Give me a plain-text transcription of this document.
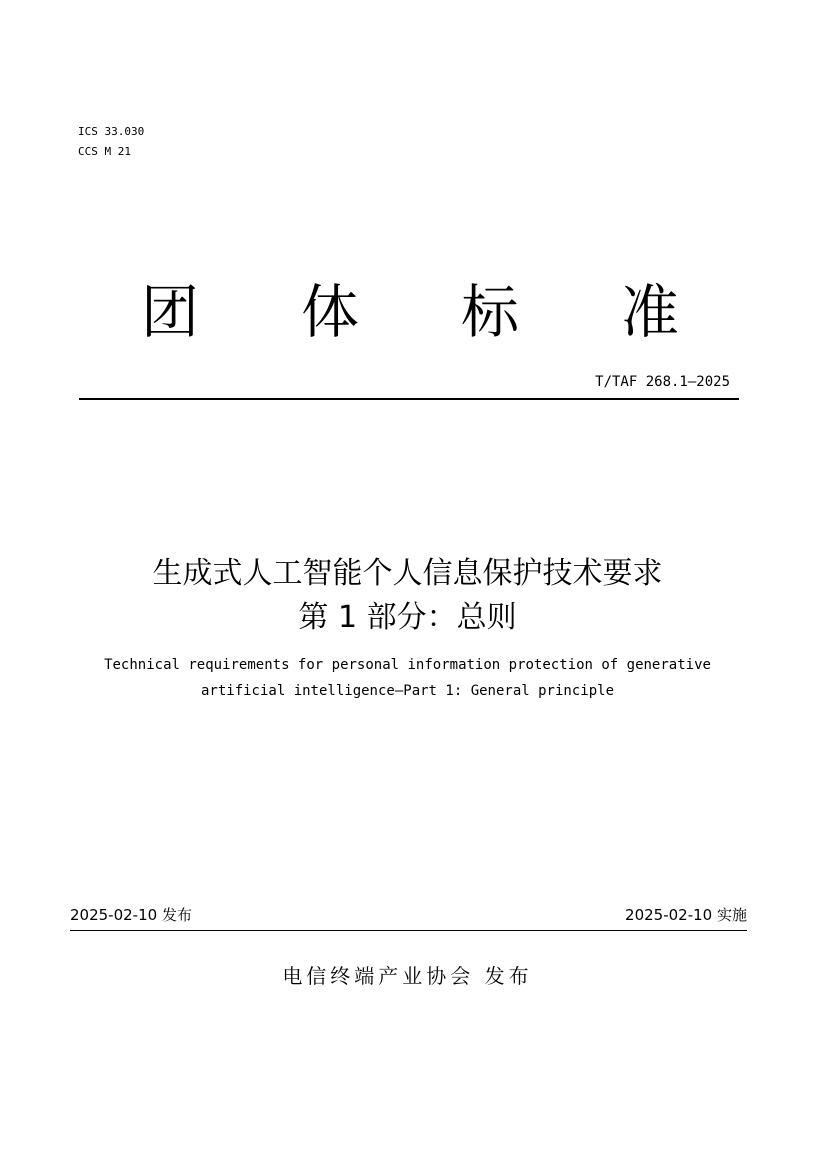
ICS 33.030
CCS M 21
团 体 标 准
T/TAF 268.1—2025
生成式人工智能个人信息保护技术要求
第 1 部分：总则
Technical requirements for personal information protection of generative
artificial intelligence—Part 1: General principle
2025-02-10 发布	2025-02-10 实施
电信终端产业协会 发布
